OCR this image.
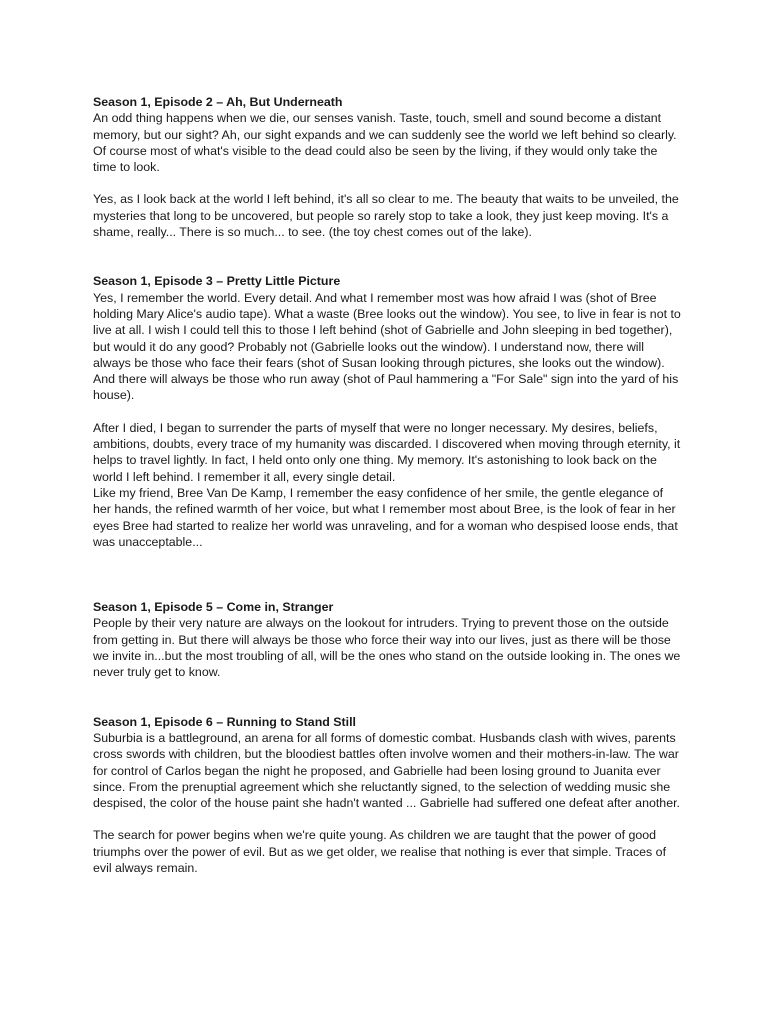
Season 1, Episode 2 – Ah, But Underneath

An odd thing happens when we die, our senses vanish. Taste, touch, smell and sound become a distant memory, but our sight? Ah, our sight expands and we can suddenly see the world we left behind so clearly. Of course most of what's visible to the dead could also be seen by the living, if they would only take the time to look.

Yes, as I look back at the world I left behind, it's all so clear to me. The beauty that waits to be unveiled, the mysteries that long to be uncovered, but people so rarely stop to take a look, they just keep moving. It's a shame, really... There is so much... to see. (the toy chest comes out of the lake).

Season 1, Episode 3 – Pretty Little Picture

Yes, I remember the world. Every detail. And what I remember most was how afraid I was (shot of Bree holding Mary Alice's audio tape). What a waste (Bree looks out the window). You see, to live in fear is not to live at all. I wish I could tell this to those I left behind (shot of Gabrielle and John sleeping in bed together), but would it do any good? Probably not (Gabrielle looks out the window). I understand now, there will always be those who face their fears (shot of Susan looking through pictures, she looks out the window). And there will always be those who run away (shot of Paul hammering a "For Sale" sign into the yard of his house).

After I died, I began to surrender the parts of myself that were no longer necessary. My desires, beliefs, ambitions, doubts, every trace of my humanity was discarded. I discovered when moving through eternity, it helps to travel lightly. In fact, I held onto only one thing. My memory. It's astonishing to look back on the world I left behind. I remember it all, every single detail.

Like my friend, Bree Van De Kamp, I remember the easy confidence of her smile, the gentle elegance of her hands, the refined warmth of her voice, but what I remember most about Bree, is the look of fear in her eyes Bree had started to realize her world was unraveling, and for a woman who despised loose ends, that was unacceptable...

Season 1, Episode 5 – Come in, Stranger

People by their very nature are always on the lookout for intruders. Trying to prevent those on the outside from getting in. But there will always be those who force their way into our lives, just as there will be those we invite in...but the most troubling of all, will be the ones who stand on the outside looking in. The ones we never truly get to know.

Season 1, Episode 6 – Running to Stand Still

Suburbia is a battleground, an arena for all forms of domestic combat. Husbands clash with wives, parents cross swords with children, but the bloodiest battles often involve women and their mothers-in-law. The war for control of Carlos began the night he proposed, and Gabrielle had been losing ground to Juanita ever since. From the prenuptial agreement which she reluctantly signed, to the selection of wedding music she despised, the color of the house paint she hadn't wanted ... Gabrielle had suffered one defeat after another.

The search for power begins when we're quite young. As children we are taught that the power of good triumphs over the power of evil. But as we get older, we realise that nothing is ever that simple. Traces of evil always remain.
